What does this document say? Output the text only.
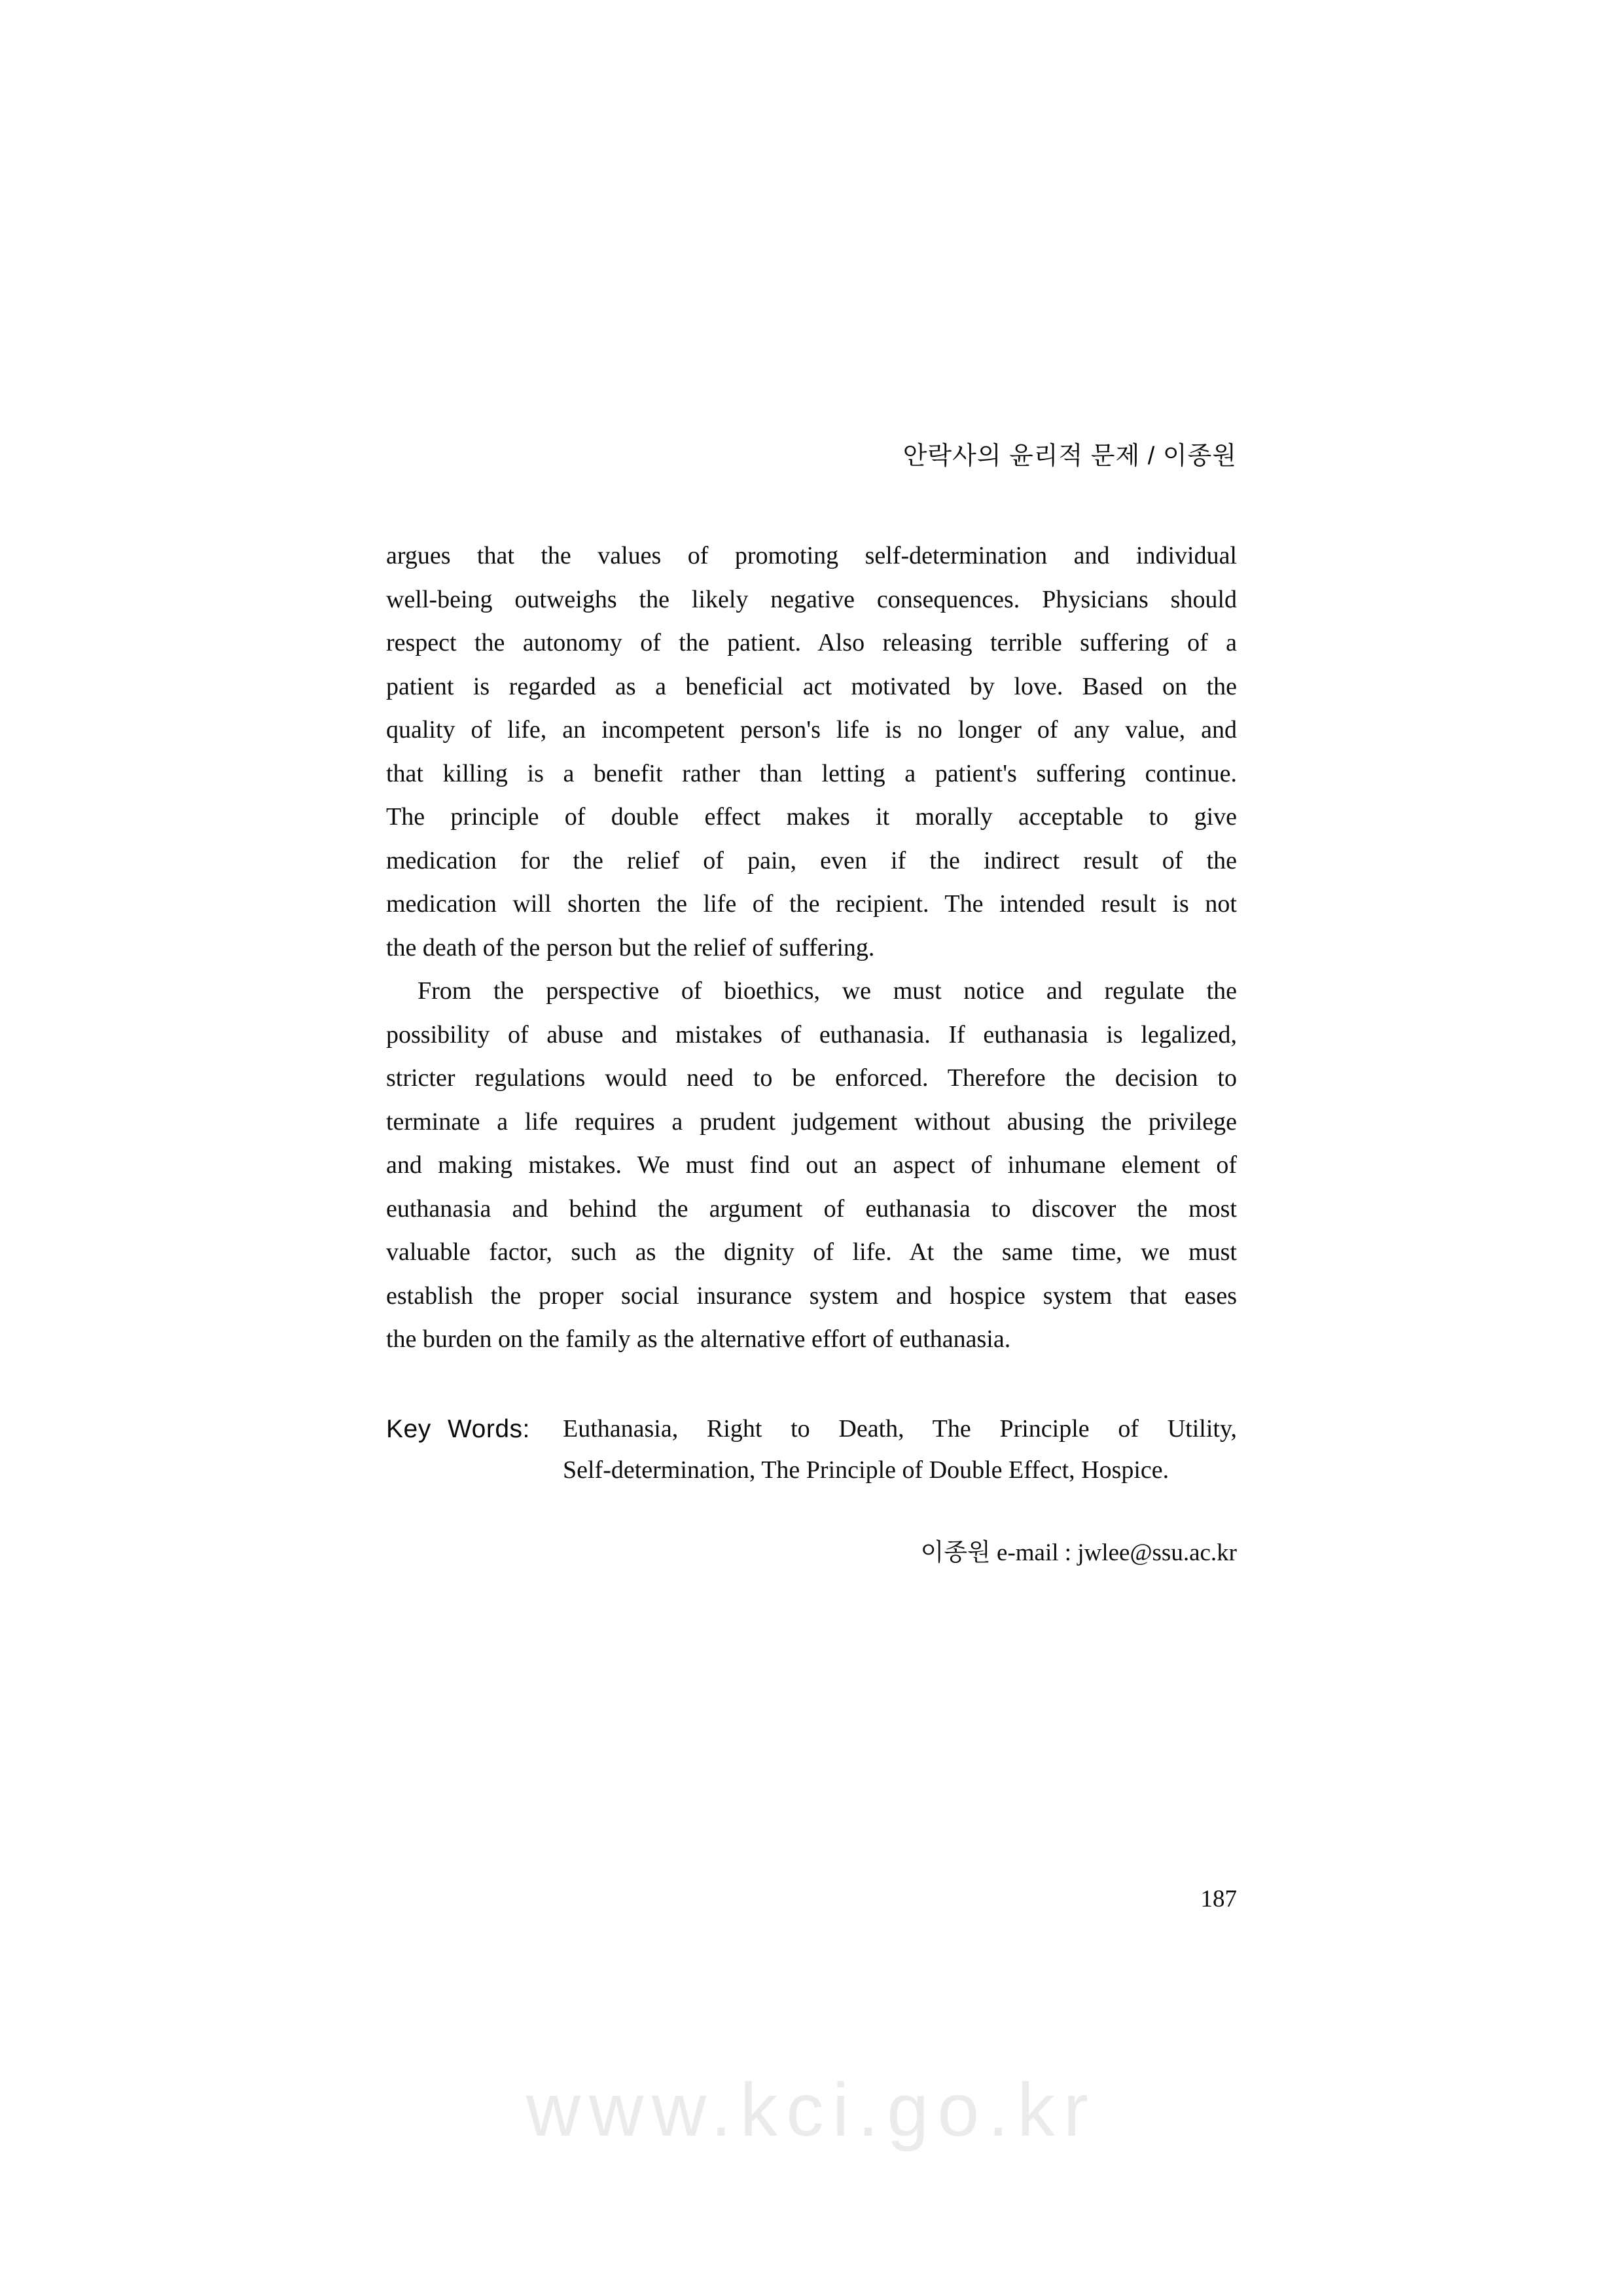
안락사의 윤리적 문제 / 이종원
argues that the values of promoting self-determination and individual
well-being outweighs the likely negative consequences. Physicians should
respect the autonomy of the patient. Also releasing terrible suffering of a
patient is regarded as a beneficial act motivated by love. Based on the
quality of life, an incompetent person's life is no longer of any value, and
that killing is a benefit rather than letting a patient's suffering continue.
The principle of double effect makes it morally acceptable to give
medication for the relief of pain, even if the indirect result of the
medication will shorten the life of the recipient. The intended result is not
the death of the person but the relief of suffering.
From the perspective of bioethics, we must notice and regulate the
possibility of abuse and mistakes of euthanasia. If euthanasia is legalized,
stricter regulations would need to be enforced. Therefore the decision to
terminate a life requires a prudent judgement without abusing the privilege
and making mistakes. We must find out an aspect of inhumane element of
euthanasia and behind the argument of euthanasia to discover the most
valuable factor, such as the dignity of life. At the same time, we must
establish the proper social insurance system and hospice system that eases
the burden on the family as the alternative effort of euthanasia.
Key Words: Euthanasia, Right to Death, The Principle of Utility,
Self-determination, The Principle of Double Effect, Hospice.
이종원 e-mail : jwlee@ssu.ac.kr
187
www.kci.go.kr
